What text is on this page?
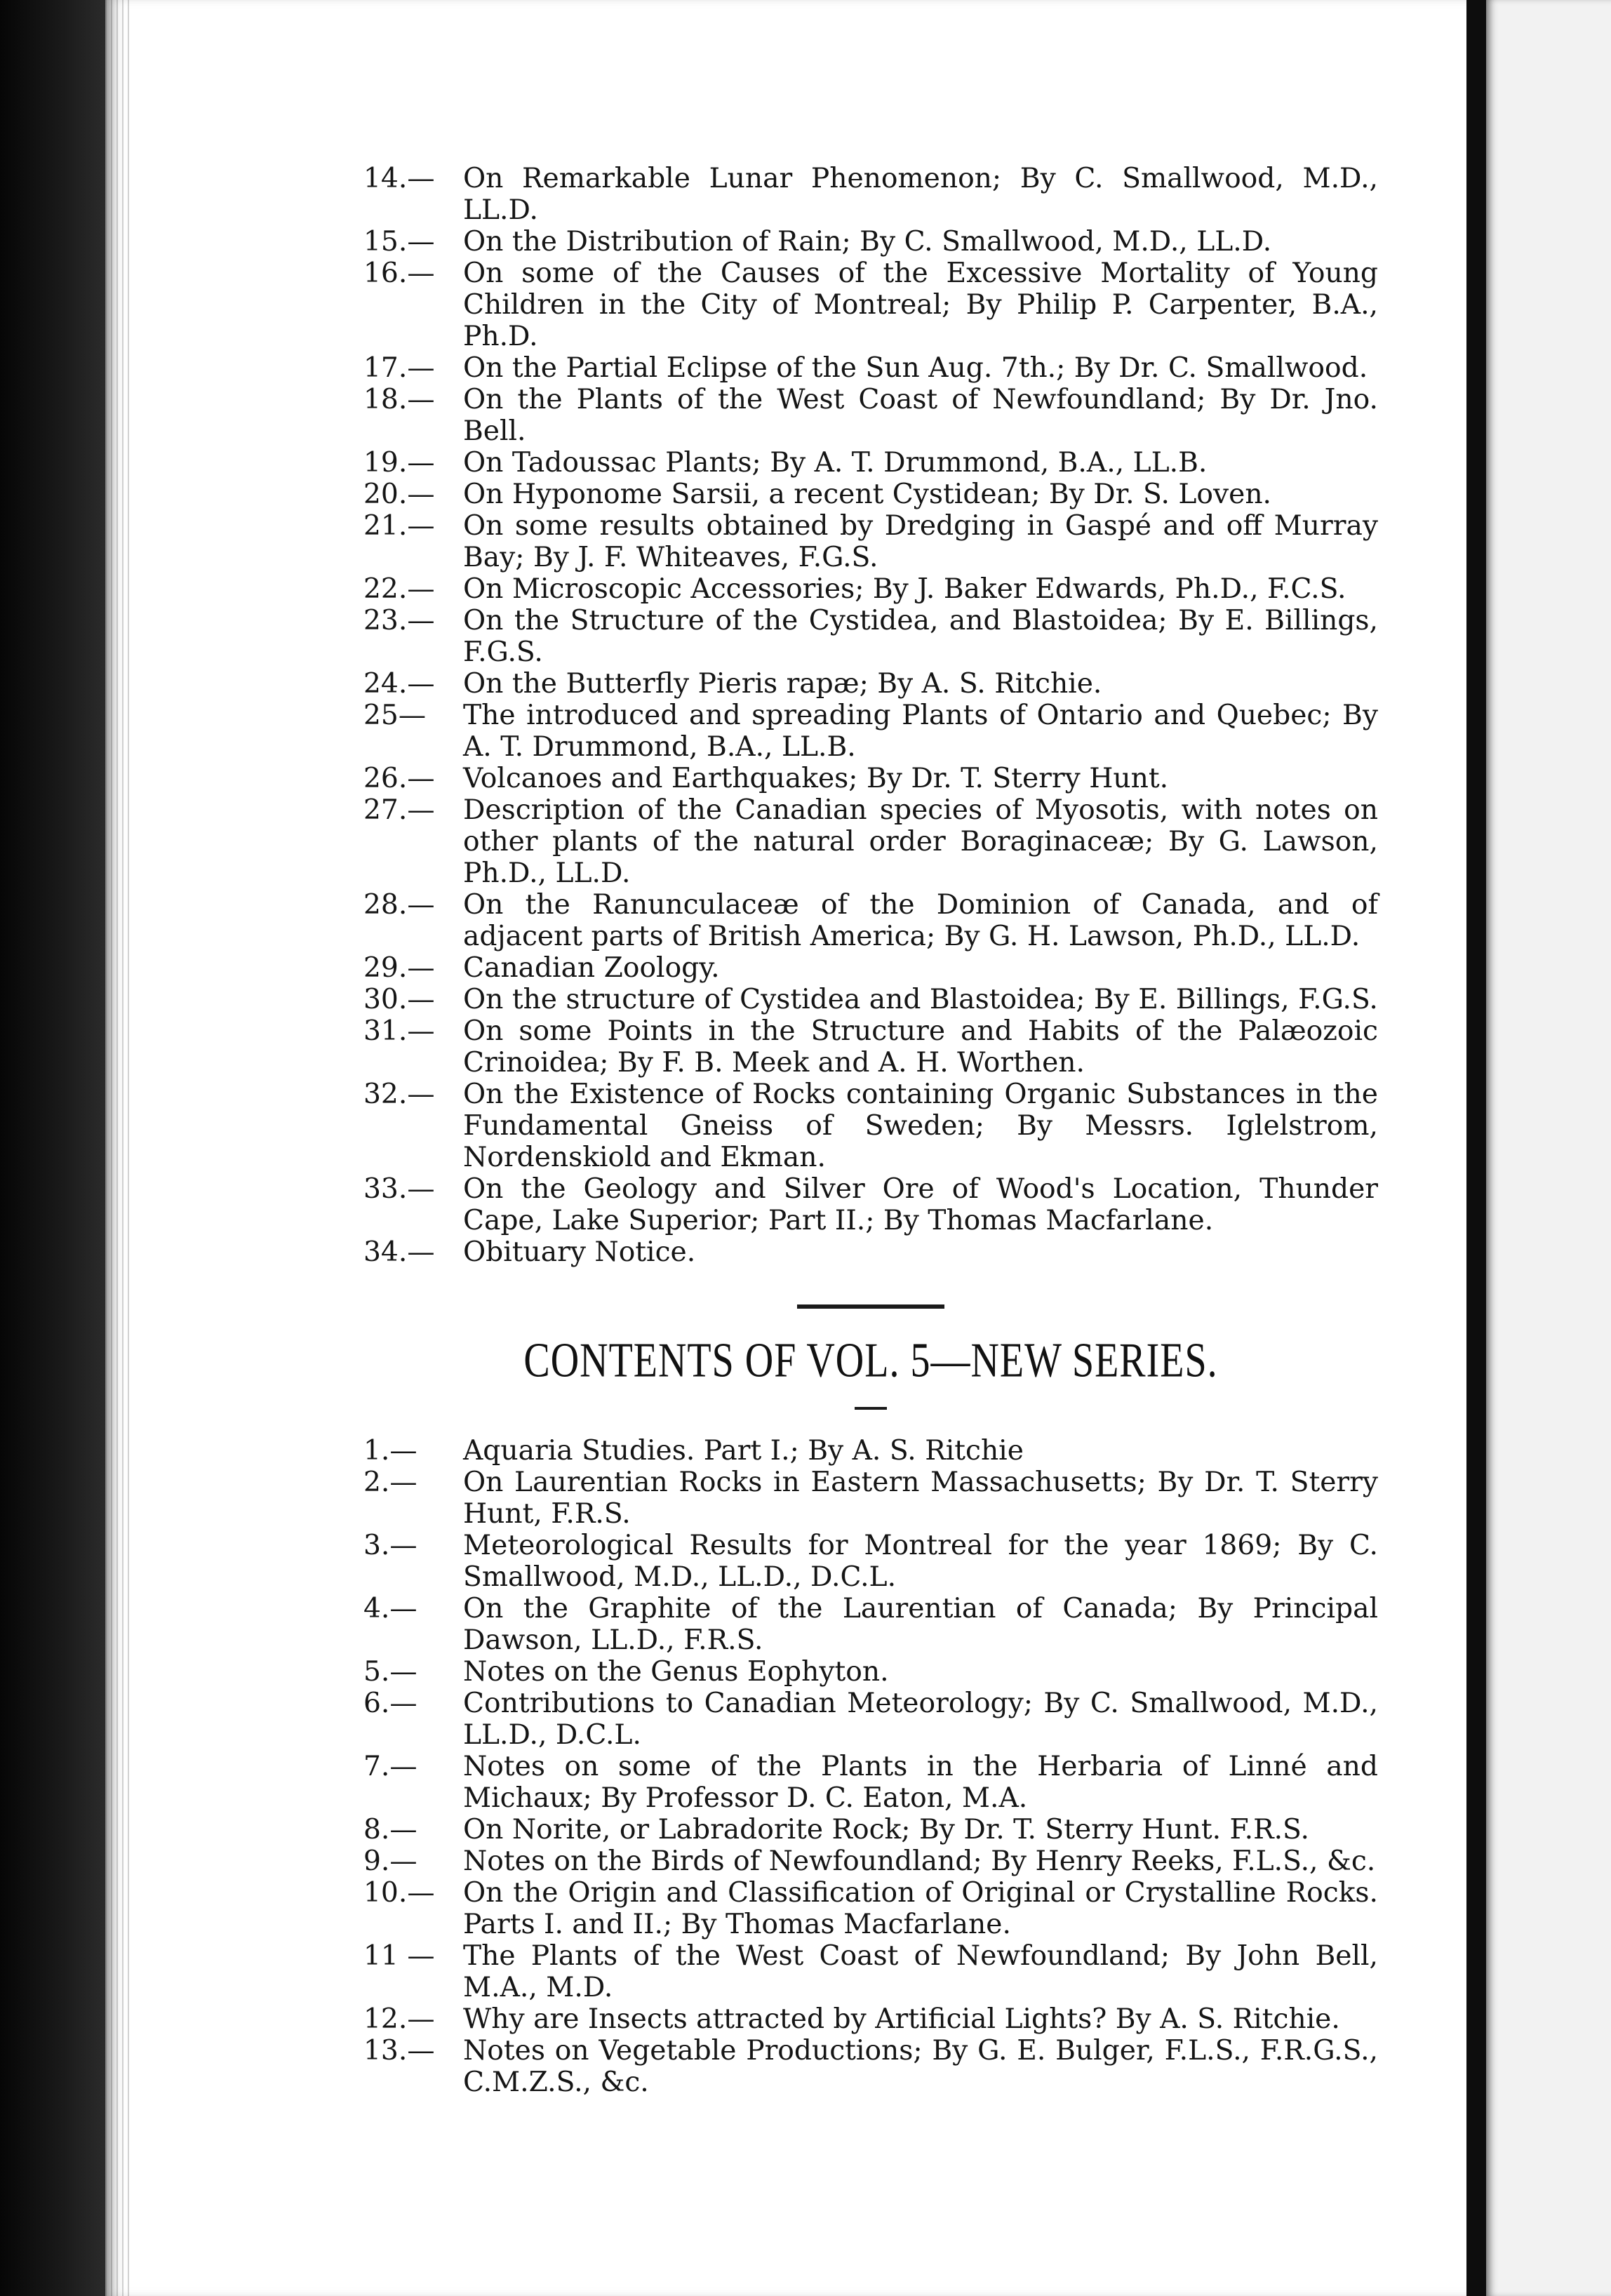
14.—	On Remarkable Lunar Phenomenon; By C. Smallwood, M.D., LL.D.
15.—	On the Distribution of Rain; By C. Smallwood, M.D., LL.D.
16.—	On some of the Causes of the Excessive Mortality of Young Children in the City of Montreal; By Philip P. Carpenter, B.A., Ph.D.
17.—	On the Partial Eclipse of the Sun Aug. 7th.; By Dr. C. Smallwood.
18.—	On the Plants of the West Coast of Newfoundland; By Dr. Jno. Bell.
19.—	On Tadoussac Plants; By A. T. Drummond, B.A., LL.B.
20.—	On Hyponome Sarsii, a recent Cystidean; By Dr. S. Loven.
21.—	On some results obtained by Dredging in Gaspé and off Murray Bay; By J. F. Whiteaves, F.G.S.
22.—	On Microscopic Accessories; By J. Baker Edwards, Ph.D., F.C.S.
23.—	On the Structure of the Cystidea, and Blastoidea; By E. Billings, F.G.S.
24.—	On the Butterfly Pieris rapæ; By A. S. Ritchie.
25—	The introduced and spreading Plants of Ontario and Quebec; By A. T. Drummond, B.A., LL.B.
26.—	Volcanoes and Earthquakes; By Dr. T. Sterry Hunt.
27.—	Description of the Canadian species of Myosotis, with notes on other plants of the natural order Boraginaceæ; By G. Lawson, Ph.D., LL.D.
28.—	On the Ranunculaceæ of the Dominion of Canada, and of adjacent parts of British America; By G. H. Lawson, Ph.D., LL.D.
29.—	Canadian Zoology.
30.—	On the structure of Cystidea and Blastoidea; By E. Billings, F.G.S.
31.—	On some Points in the Structure and Habits of the Palæozoic Crinoidea; By F. B. Meek and A. H. Worthen.
32.—	On the Existence of Rocks containing Organic Substances in the Fundamental Gneiss of Sweden; By Messrs. Iglelstrom, Nordenskiold and Ekman.
33.—	On the Geology and Silver Ore of Wood's Location, Thunder Cape, Lake Superior; Part II.; By Thomas Macfarlane.
34.—	Obituary Notice.
CONTENTS OF VOL. 5—NEW SERIES.
1.—	Aquaria Studies. Part I.; By A. S. Ritchie
2.—	On Laurentian Rocks in Eastern Massachusetts; By Dr. T. Sterry Hunt, F.R.S.
3.—	Meteorological Results for Montreal for the year 1869; By C. Smallwood, M.D., LL.D., D.C.L.
4.—	On the Graphite of the Laurentian of Canada; By Principal Dawson, LL.D., F.R.S.
5.—	Notes on the Genus Eophyton.
6.—	Contributions to Canadian Meteorology; By C. Smallwood, M.D., LL.D., D.C.L.
7.—	Notes on some of the Plants in the Herbaria of Linné and Michaux; By Professor D. C. Eaton, M.A.
8.—	On Norite, or Labradorite Rock; By Dr. T. Sterry Hunt. F.R.S.
9.—	Notes on the Birds of Newfoundland; By Henry Reeks, F.L.S., &c.
10.—	On the Origin and Classification of Original or Crystalline Rocks. Parts I. and II.; By Thomas Macfarlane.
11 —	The Plants of the West Coast of Newfoundland; By John Bell, M.A., M.D.
12.—	Why are Insects attracted by Artificial Lights? By A. S. Ritchie.
13.—	Notes on Vegetable Productions; By G. E. Bulger, F.L.S., F.R.G.S., C.M.Z.S., &c.
